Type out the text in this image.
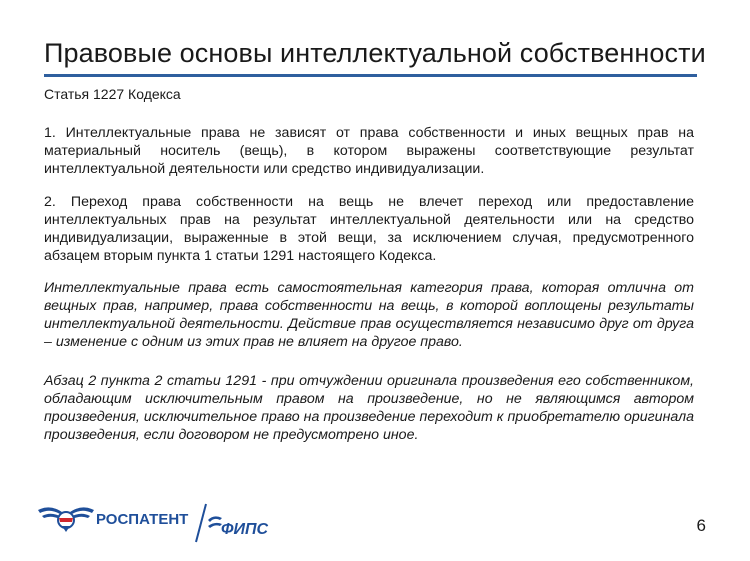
Правовые основы интеллектуальной собственности
Статья 1227 Кодекса

1. Интеллектуальные права не зависят от права собственности и иных вещных прав на материальный носитель (вещь), в котором выражены соответствующие результат интеллектуальной деятельности или средство индивидуализации.

2. Переход права собственности на вещь не влечет переход или предоставление интеллектуальных прав на результат интеллектуальной деятельности или на средство индивидуализации, выраженные в этой вещи, за исключением случая, предусмотренного абзацем вторым пункта 1 статьи 1291 настоящего Кодекса.

Интеллектуальные права есть самостоятельная категория права, которая отлична от вещных прав, например, права собственности на вещь, в которой воплощены результаты интеллектуальной деятельности. Действие прав осуществляется независимо друг от друга – изменение с одним из этих прав не влияет на другое право.

Абзац 2 пункта 2 статьи 1291 - при отчуждении оригинала произведения его собственником, обладающим исключительным правом на произведение, но не являющимся автором произведения, исключительное право на произведение переходит к приобретателю оригинала произведения, если договором не предусмотрено иное.

РОСПАТЕНТ
ФИПС	6
